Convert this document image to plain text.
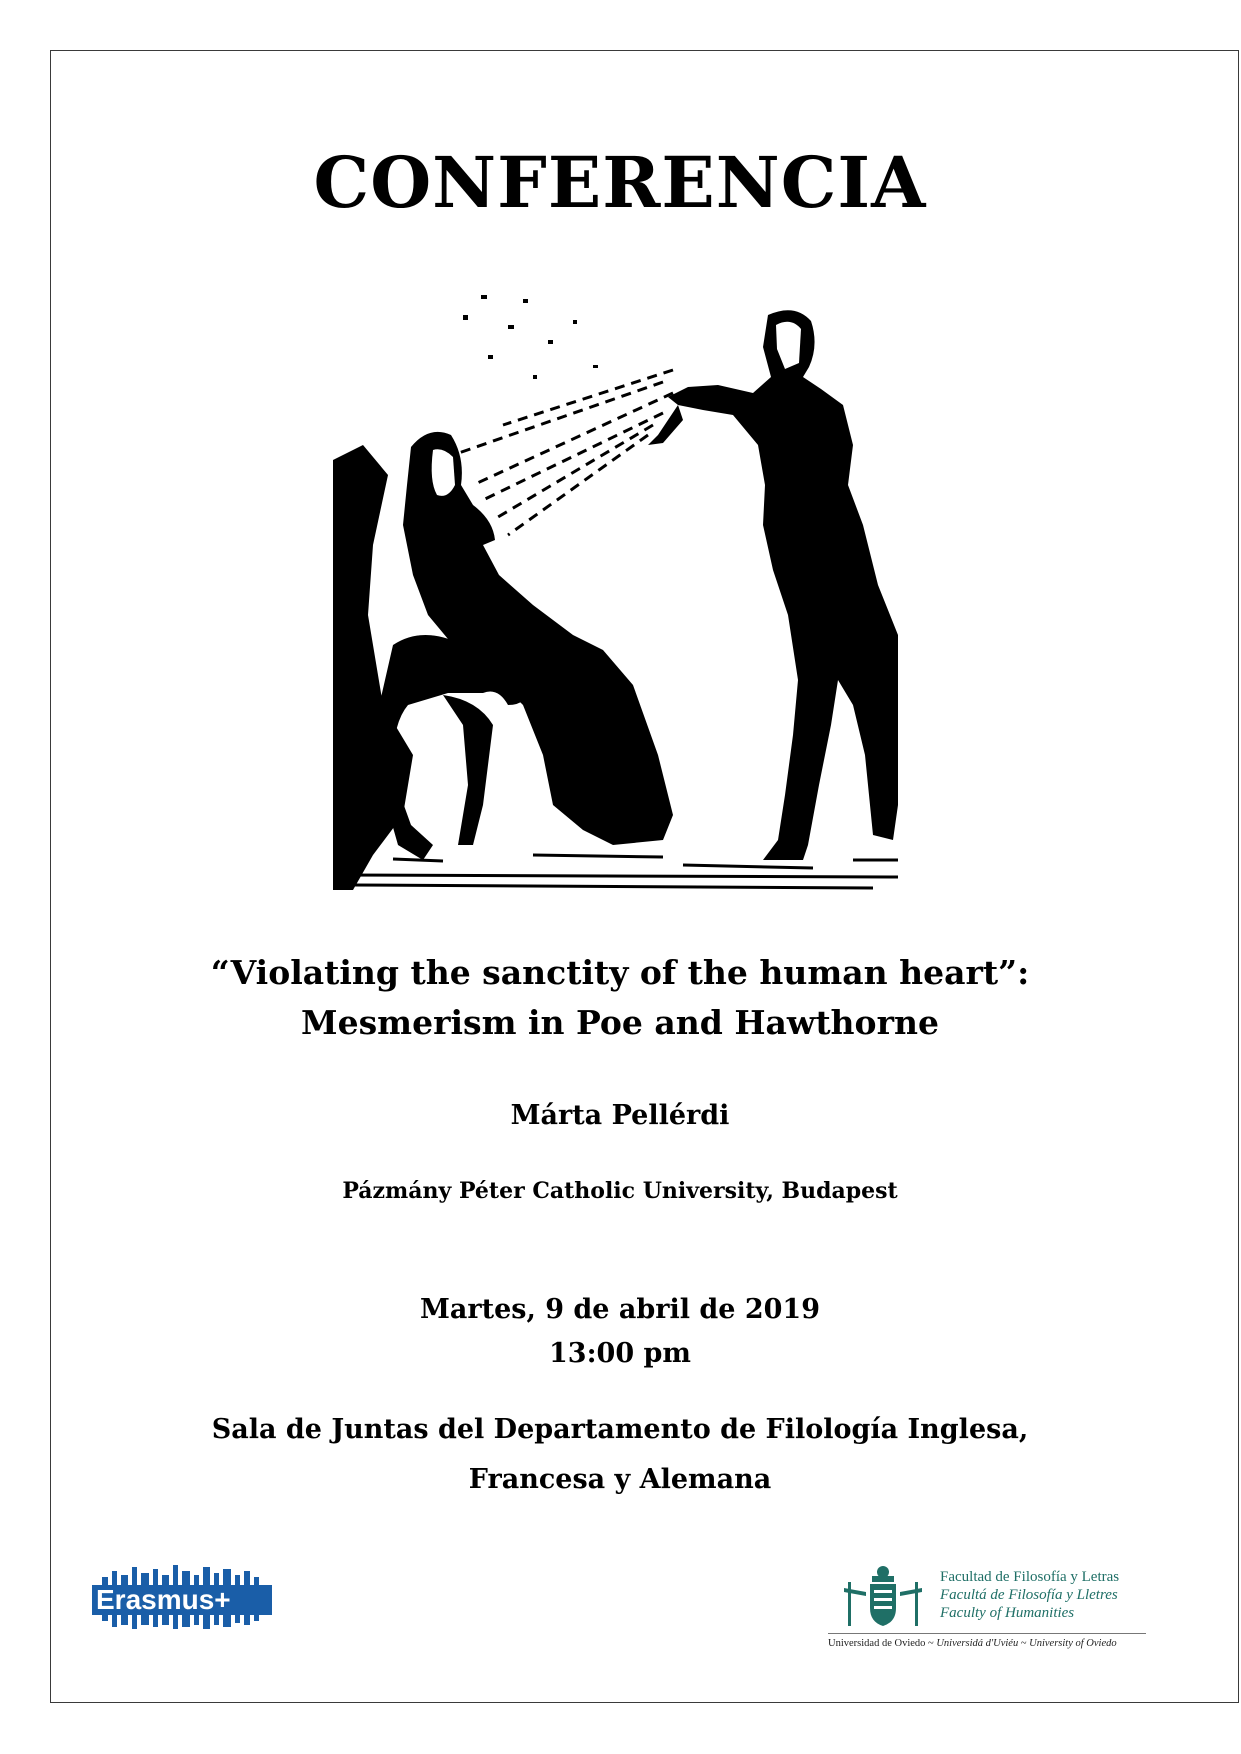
CONFERENCIA
“Violating the sanctity of the human heart”:
Mesmerism in Poe and Hawthorne
Márta Pellérdi
Pázmány Péter Catholic University, Budapest
Martes, 9 de abril de 2019
13:00 pm
Sala de Juntas del Departamento de Filología Inglesa,
Francesa y Alemana
Erasmus+
Facultad de Filosofía y Letras
Facultá de Filosofía y Lletres
Faculty of Humanities
Universidad de Oviedo ~ Universidá d'Uviéu ~ University of Oviedo
